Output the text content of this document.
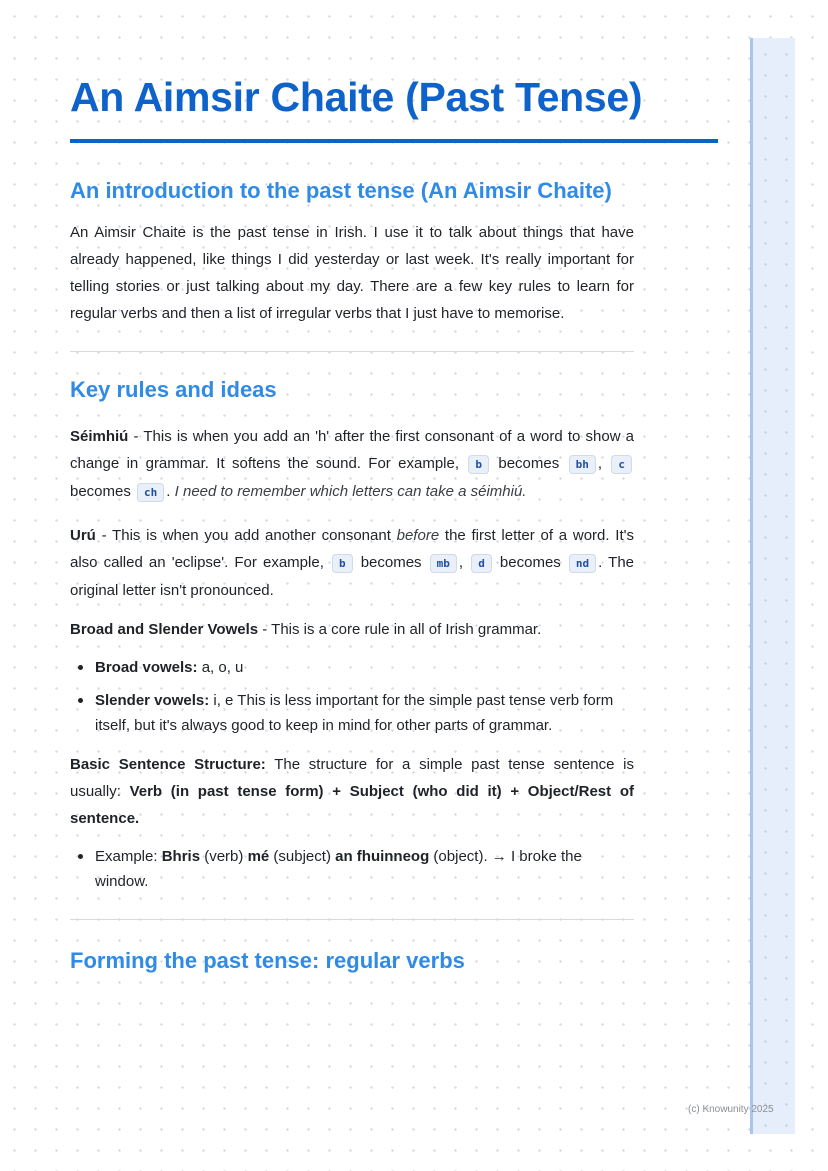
An Aimsir Chaite (Past Tense)
An introduction to the past tense (An Aimsir Chaite)

An Aimsir Chaite is the past tense in Irish. I use it to talk about things that have already happened, like things I did yesterday or last week. It's really important for telling stories or just talking about my day. There are a few key rules to learn for regular verbs and then a list of irregular verbs that I just have to memorise.

Key rules and ideas

Séimhiú - This is when you add an 'h' after the first consonant of a word to show a change in grammar. It softens the sound. For example, b becomes bh , c becomes ch . I need to remember which letters can take a séimhiú.

Urú - This is when you add another consonant before the first letter of a word. It's also called an 'eclipse'. For example, b becomes mb , d becomes nd . The original letter isn't pronounced.

Broad and Slender Vowels - This is a core rule in all of Irish grammar.

Broad vowels: a, o, u
Slender vowels: i, e This is less important for the simple past tense verb form itself, but it's always good to keep in mind for other parts of grammar.

Basic Sentence Structure: The structure for a simple past tense sentence is usually: Verb (in past tense form) + Subject (who did it) + Object/Rest of sentence.

Example: Bhris (verb) mé (subject) an fhuinneog (object). → I broke the window.
Forming the past tense: regular verbs
(c) Knowunity 2025
